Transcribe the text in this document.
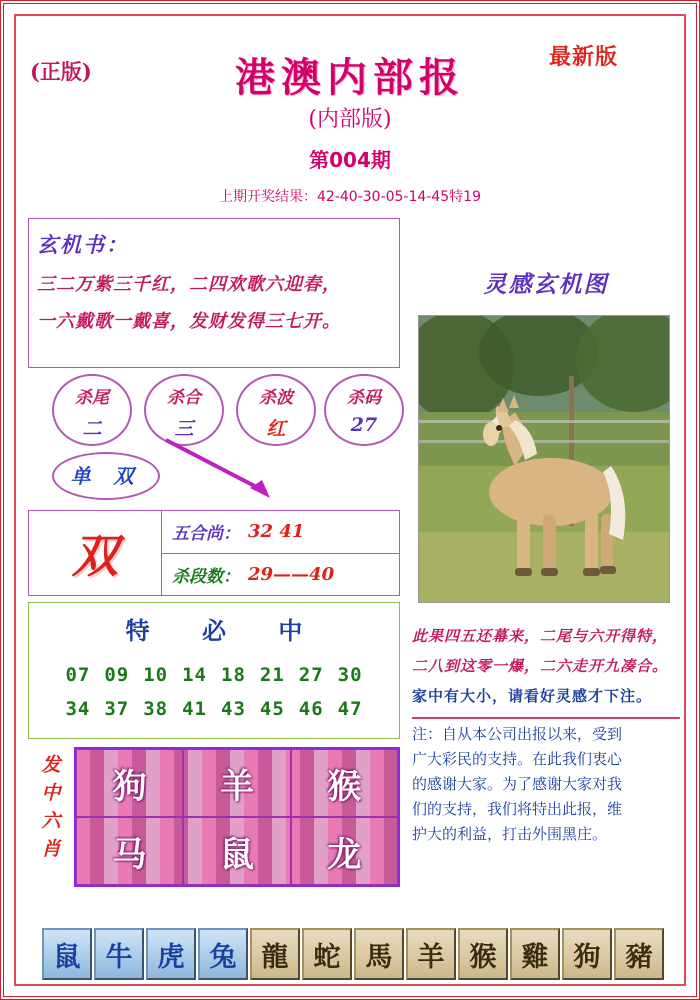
(正版)
最新版
港澳内部报
(内部版)
第004期
上期开奖结果：42-40-30-05-14-45特19
玄机书：
三二万紫三千红，二四欢歌六迎春，
一六戴歌一戴喜，发财发得三七开。
杀尾
二
杀合
三
杀波
红
杀码
27
单 双
双	五合尚： 32 41
杀段数： 29——40
特 必 中
07 09 10 14 18 21 27 30
34 37 38 41 43 45 46 47
发
中
六
肖
狗	羊	猴
马	鼠	龙
灵感玄机图
此果四五还幕来，二尾与六开得特，
二八到这零一爆，二六走开九凑合。
家中有大小，请看好灵感才下注。
注：自从本公司出报以来，受到
广大彩民的支持。在此我们衷心
的感谢大家。为了感谢大家对我
们的支持，我们将特出此报，维
护大的利益，打击外围黑庄。
鼠 牛 虎 兔 龍 蛇 馬 羊 猴 雞 狗 豬
